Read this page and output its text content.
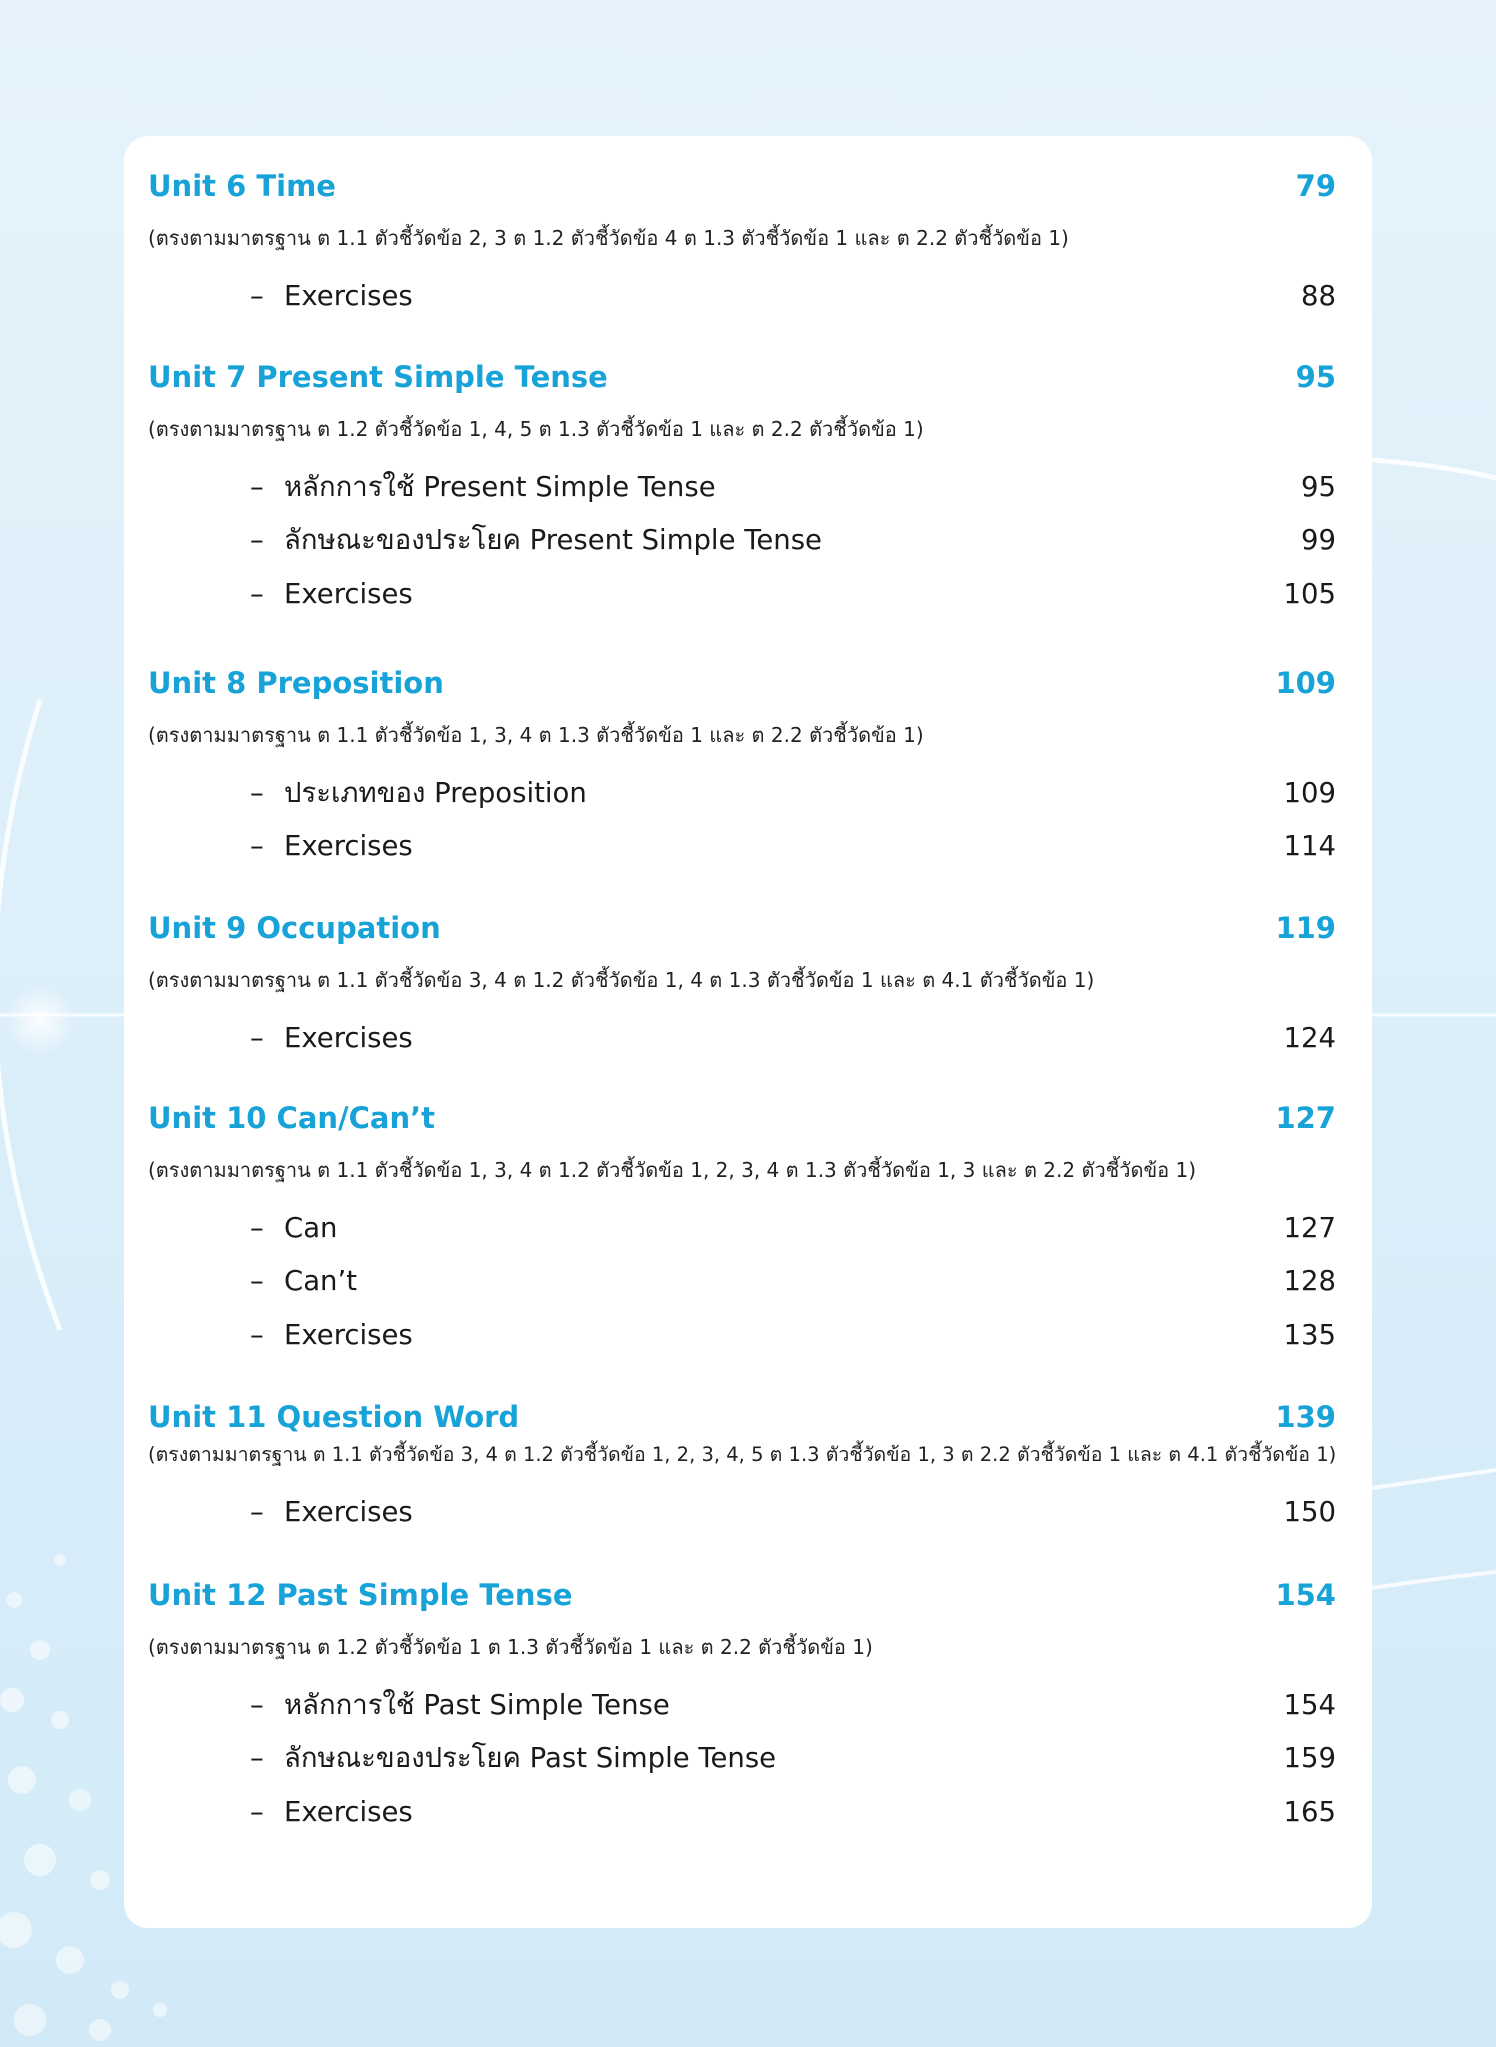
Unit 6 Time	79
(ตรงตามมาตรฐาน ต 1.1 ตัวชี้วัดข้อ 2, 3 ต 1.2 ตัวชี้วัดข้อ 4 ต 1.3 ตัวชี้วัดข้อ 1 และ ต 2.2 ตัวชี้วัดข้อ 1)
– Exercises	88
Unit 7 Present Simple Tense	95
(ตรงตามมาตรฐาน ต 1.2 ตัวชี้วัดข้อ 1, 4, 5 ต 1.3 ตัวชี้วัดข้อ 1 และ ต 2.2 ตัวชี้วัดข้อ 1)
– หลักการใช้ Present Simple Tense	95
– ลักษณะของประโยค Present Simple Tense	99
– Exercises	105
Unit 8 Preposition	109
(ตรงตามมาตรฐาน ต 1.1 ตัวชี้วัดข้อ 1, 3, 4 ต 1.3 ตัวชี้วัดข้อ 1 และ ต 2.2 ตัวชี้วัดข้อ 1)
– ประเภทของ Preposition	109
– Exercises	114
Unit 9 Occupation	119
(ตรงตามมาตรฐาน ต 1.1 ตัวชี้วัดข้อ 3, 4 ต 1.2 ตัวชี้วัดข้อ 1, 4 ต 1.3 ตัวชี้วัดข้อ 1 และ ต 4.1 ตัวชี้วัดข้อ 1)
– Exercises	124
Unit 10 Can/Can’t	127
(ตรงตามมาตรฐาน ต 1.1 ตัวชี้วัดข้อ 1, 3, 4 ต 1.2 ตัวชี้วัดข้อ 1, 2, 3, 4 ต 1.3 ตัวชี้วัดข้อ 1, 3 และ ต 2.2 ตัวชี้วัดข้อ 1)
– Can	127
– Can’t	128
– Exercises	135
Unit 11 Question Word	139
(ตรงตามมาตรฐาน ต 1.1 ตัวชี้วัดข้อ 3, 4 ต 1.2 ตัวชี้วัดข้อ 1, 2, 3, 4, 5 ต 1.3 ตัวชี้วัดข้อ 1, 3 ต 2.2 ตัวชี้วัดข้อ 1 และ ต 4.1 ตัวชี้วัดข้อ 1)
– Exercises	150
Unit 12 Past Simple Tense	154
(ตรงตามมาตรฐาน ต 1.2 ตัวชี้วัดข้อ 1 ต 1.3 ตัวชี้วัดข้อ 1 และ ต 2.2 ตัวชี้วัดข้อ 1)
– หลักการใช้ Past Simple Tense	154
– ลักษณะของประโยค Past Simple Tense	159
– Exercises	165
